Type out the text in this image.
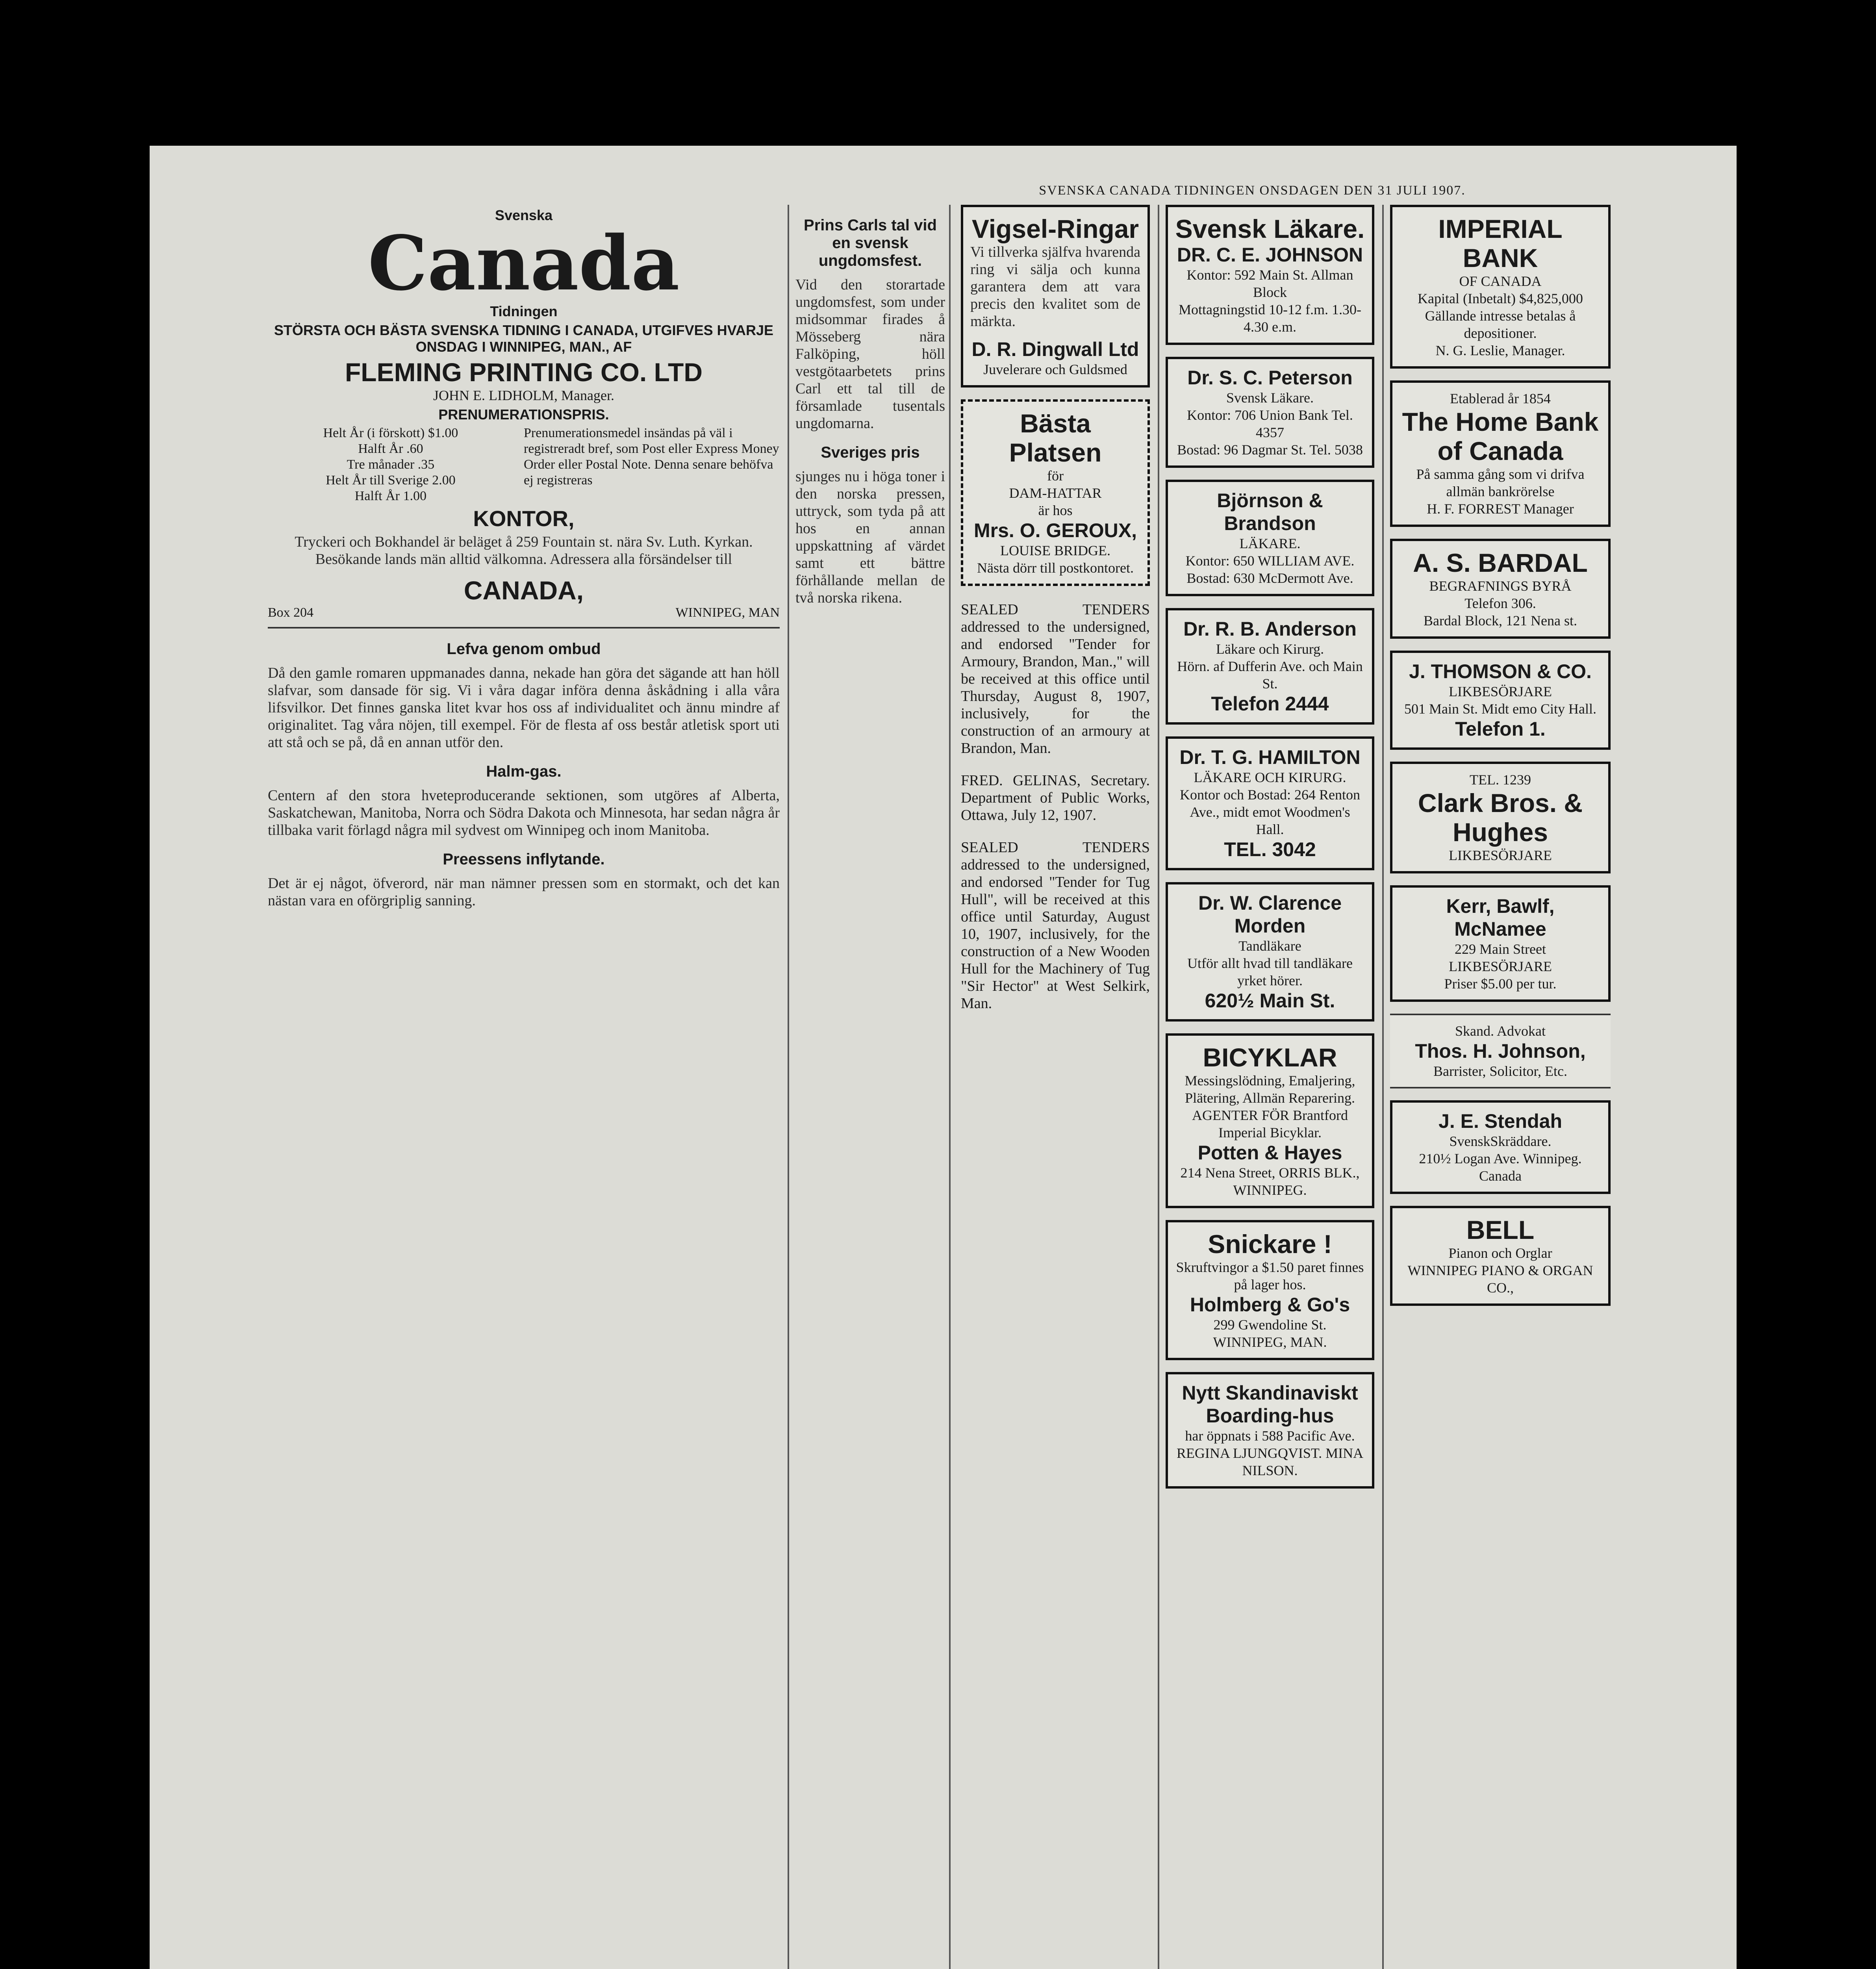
SVENSKA CANADA TIDNINGEN ONSDAGEN DEN 31 JULI 1907.
Svenska
Canada
Tidningen
STÖRSTA OCH BÄSTA SVENSKA TIDNING I CANADA, UTGIFVES HVARJE ONSDAG I WINNIPEG, MAN., AF
FLEMING PRINTING CO. LTD
JOHN E. LIDHOLM, Manager.
PRENUMERATIONSPRIS.
Helt År (i förskott) $1.00
Halft År .60
Tre månader .35
Helt År till Sverige 2.00
Halft År 1.00
Prenumerationsmedel insändas på väl i registreradt bref, som Post eller Express Money Order eller Postal Note. Denna senare behöfva ej registreras
KONTOR,
Tryckeri och Bokhandel är beläget å 259 Fountain st. nära Sv. Luth. Kyrkan. Besökande lands män alltid välkomna. Adressera alla försändelser till
CANADA,
Box 204	WINNIPEG, MAN
Lefva genom ombud

Då den gamle romaren uppmanades danna, nekade han göra det sägande att han höll slafvar, som dansade för sig. Vi i våra dagar införa denna åskådning i alla våra lifsvilkor. Det finnes ganska litet kvar hos oss af individualitet och ännu mindre af originalitet. Tag våra nöjen, till exempel. För de flesta af oss består atletisk sport uti att stå och se på, då en annan utför den.

Halm-gas.

Centern af den stora hveteproducerande sektionen, som utgöres af Alberta, Saskatchewan, Manitoba, Norra och Södra Dakota och Minnesota, har sedan några år tillbaka varit förlagd några mil sydvest om Winnipeg och inom Manitoba.

Preessens inflytande.

Det är ej något, öfverord, när man nämner pressen som en stormakt, och det kan nästan vara en oförgriplig sanning.

Prins Carls tal vid en svensk ungdomsfest.

Vid den storartade ungdomsfest, som under midsommar firades å Mösseberg nära Falköping, höll vestgötaarbetets prins Carl ett tal till de församlade tusentals ungdomarna.

Sveriges pris

sjunges nu i höga toner i den norska pressen, uttryck, som tyda på att hos en annan uppskattning af värdet samt ett bättre förhållande mellan de två norska rikena.

Vigsel-Ringar

Vi tillverka själfva hvarenda ring vi sälja och kunna garantera dem att vara precis den kvalitet som de märkta.

D. R. Dingwall Ltd
Juvelerare och Guldsmed
Bästa Platsen
för
DAM-HATTAR
är hos
Mrs. O. GEROUX,
LOUISE BRIDGE.
Nästa dörr till postkontoret.

SEALED TENDERS addressed to the undersigned, and endorsed "Tender for Armoury, Brandon, Man.," will be received at this office until Thursday, August 8, 1907, inclusively, for the construction of an armoury at Brandon, Man.

FRED. GELINAS, Secretary. Department of Public Works, Ottawa, July 12, 1907.

SEALED TENDERS addressed to the undersigned, and endorsed "Tender for Tug Hull", will be received at this office until Saturday, August 10, 1907, inclusively, for the construction of a New Wooden Hull for the Machinery of Tug "Sir Hector" at West Selkirk, Man.

Svensk Läkare.
DR. C. E. JOHNSON
Kontor: 592 Main St. Allman Block
Mottagningstid 10-12 f.m. 1.30-4.30 e.m.
Dr. S. C. Peterson
Svensk Läkare.
Kontor: 706 Union Bank Tel. 4357
Bostad: 96 Dagmar St. Tel. 5038
Björnson & Brandson
LÄKARE.
Kontor: 650 WILLIAM AVE.
Bostad: 630 McDermott Ave.
Dr. R. B. Anderson
Läkare och Kirurg.
Hörn. af Dufferin Ave. och Main St.
Telefon 2444
Dr. T. G. HAMILTON
LÄKARE OCH KIRURG.
Kontor och Bostad: 264 Renton Ave., midt emot Woodmen's Hall.
TEL. 3042
Dr. W. Clarence Morden
Tandläkare
Utför allt hvad till tandläkare yrket hörer.
620½ Main St.
BICYKLAR
Messingslödning, Emaljering, Plätering, Allmän Reparering.
AGENTER FÖR Brantford Imperial Bicyklar.
Potten & Hayes
214 Nena Street, ORRIS BLK., WINNIPEG.
Snickare !
Skruftvingor a $1.50 paret finnes på lager hos.
Holmberg & Go's
299 Gwendoline St. WINNIPEG, MAN.
Nytt Skandinaviskt Boarding-hus
har öppnats i 588 Pacific Ave.
REGINA LJUNGQVIST. MINA NILSON.
IMPERIAL BANK
OF CANADA
Kapital (Inbetalt) $4,825,000
Gällande intresse betalas å depositioner.
N. G. Leslie, Manager.
Etablerad år 1854
The Home Bank of Canada
På samma gång som vi drifva allmän bankrörelse
H. F. FORREST Manager
A. S. BARDAL
BEGRAFNINGS BYRÅ
Telefon 306.
Bardal Block, 121 Nena st.
J. THOMSON & CO.
LIKBESÖRJARE
501 Main St. Midt emo City Hall.
Telefon 1.
TEL. 1239
Clark Bros. & Hughes
LIKBESÖRJARE
Kerr, Bawlf, McNamee
229 Main Street
LIKBESÖRJARE
Priser $5.00 per tur.
Skand. Advokat
Thos. H. Johnson,
Barrister, Solicitor, Etc.
J. E. Stendah
SvenskSkräddare.
210½ Logan Ave. Winnipeg. Canada
BELL
Pianon och Orglar
WINNIPEG PIANO & ORGAN CO.,
